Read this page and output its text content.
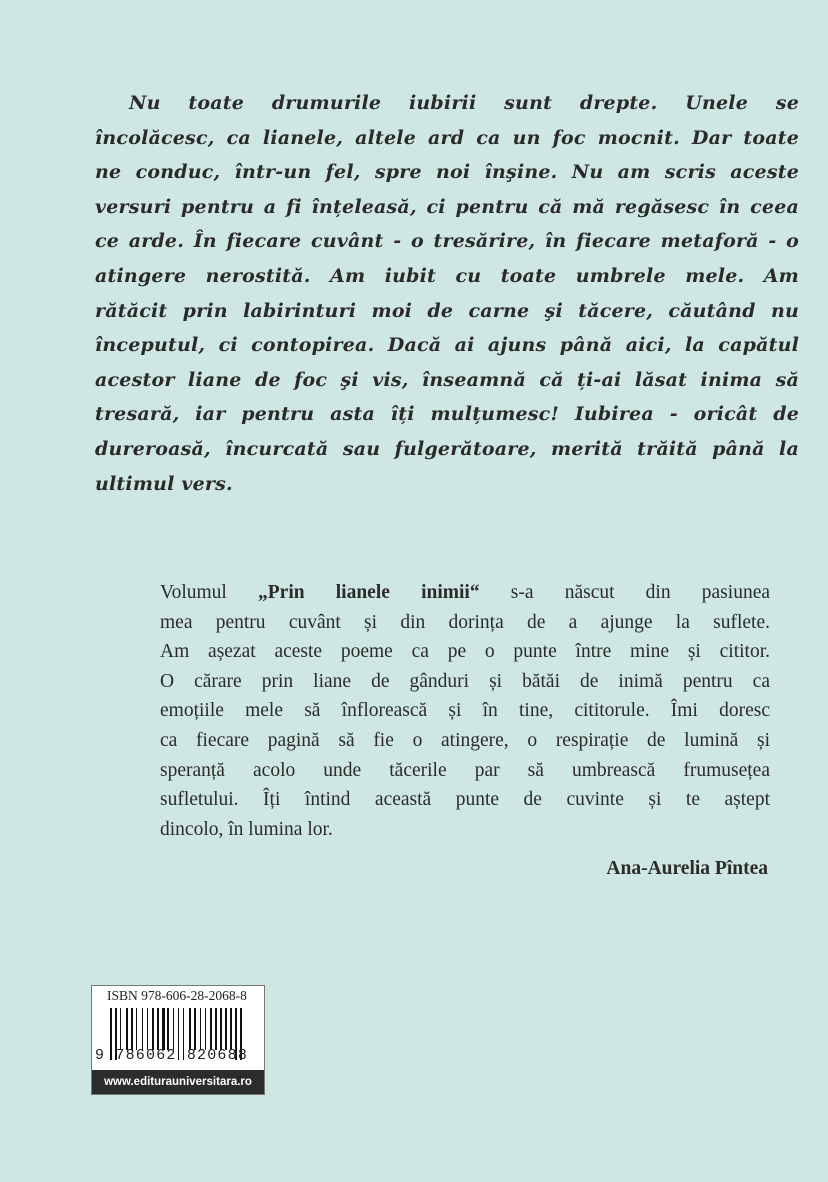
Nu toate drumurile iubirii sunt drepte. Unele se
încolăcesc, ca lianele, altele ard ca un foc mocnit. Dar toate
ne conduc, într-un fel, spre noi înşine. Nu am scris aceste
versuri pentru a fi înțeleasă, ci pentru că mă regăsesc în ceea
ce arde. În fiecare cuvânt - o tresărire, în fiecare metaforă - o
atingere nerostită. Am iubit cu toate umbrele mele. Am
rătăcit prin labirinturi moi de carne şi tăcere, căutând nu
începutul, ci contopirea. Dacă ai ajuns până aici, la capătul
acestor liane de foc şi vis, înseamnă că ți-ai lăsat inima să
tresară, iar pentru asta îți mulțumesc! Iubirea - oricât de
dureroasă, încurcată sau fulgerătoare, merită trăită până la
ultimul vers.
Volumul „Prin lianele inimii“ s-a născut din pasiunea
mea pentru cuvânt și din dorința de a ajunge la suflete.
Am așezat aceste poeme ca pe o punte între mine și cititor.
O cărare prin liane de gânduri și bătăi de inimă pentru ca
emoțiile mele să înflorească și în tine, cititorule. Îmi doresc
ca fiecare pagină să fie o atingere, o respirație de lumină și
speranță acolo unde tăcerile par să umbrească frumusețea
sufletului. Îți întind această punte de cuvinte și te aștept
dincolo, în lumina lor.
Ana-Aurelia Pîntea
ISBN 978-606-28-2068-8
9 786062 820688
www.editurauniversitara.ro
